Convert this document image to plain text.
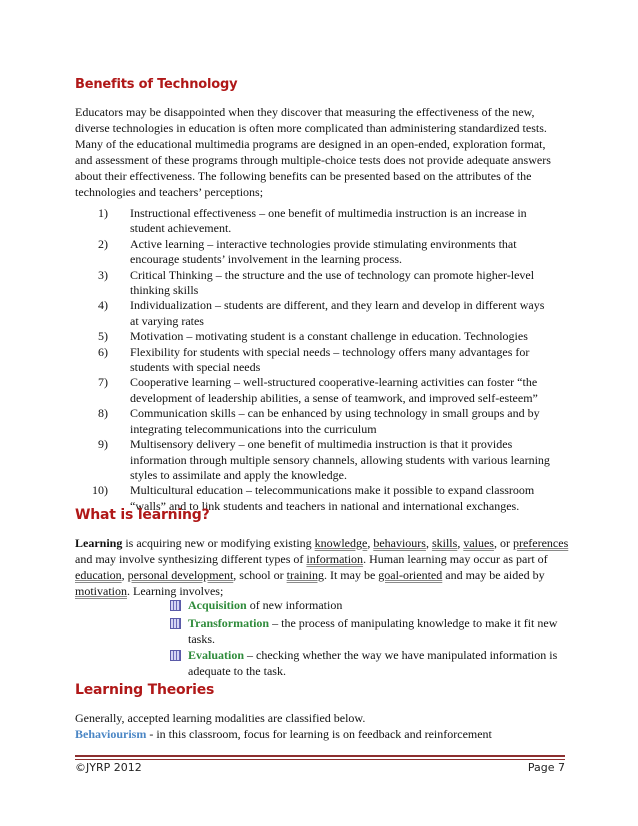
Benefits of Technology

Educators may be disappointed when they discover that measuring the effectiveness of the new, diverse technologies in education is often more complicated than administering standardized tests. Many of the educational multimedia programs are designed in an open-ended, exploration format, and assessment of these programs through multiple-choice tests does not provide adequate answers about their effectiveness. The following benefits can be presented based on the attributes of the technologies and teachers’ perceptions;

1) Instructional effectiveness – one benefit of multimedia instruction is an increase in student achievement.
2) Active learning – interactive technologies provide stimulating environments that encourage students’ involvement in the learning process.
3) Critical Thinking – the structure and the use of technology can promote higher-level thinking skills
4) Individualization – students are different, and they learn and develop in different ways at varying rates
5) Motivation – motivating student is a constant challenge in education. Technologies
6) Flexibility for students with special needs – technology offers many advantages for students with special needs
7) Cooperative learning – well-structured cooperative-learning activities can foster “the development of leadership abilities, a sense of teamwork, and improved self-esteem”
8) Communication skills – can be enhanced by using technology in small groups and by integrating telecommunications into the curriculum
9) Multisensory delivery – one benefit of multimedia instruction is that it provides information through multiple sensory channels, allowing students with various learning styles to assimilate and apply the knowledge.
10) Multicultural education – telecommunications make it possible to expand classroom “walls” and to link students and teachers in national and international exchanges.
What is learning?

Learning is acquiring new or modifying existing knowledge, behaviours, skills, values, or preferences and may involve synthesizing different types of information. Human learning may occur as part of education, personal development, school or training. It may be goal-oriented and may be aided by motivation. Learning involves;

Acquisition of new information
Transformation – the process of manipulating knowledge to make it fit new tasks.
Evaluation – checking whether the way we have manipulated information is adequate to the task.
Learning Theories

Generally, accepted learning modalities are classified below.
Behaviourism - in this classroom, focus for learning is on feedback and reinforcement

©JYRP 2012	Page 7
